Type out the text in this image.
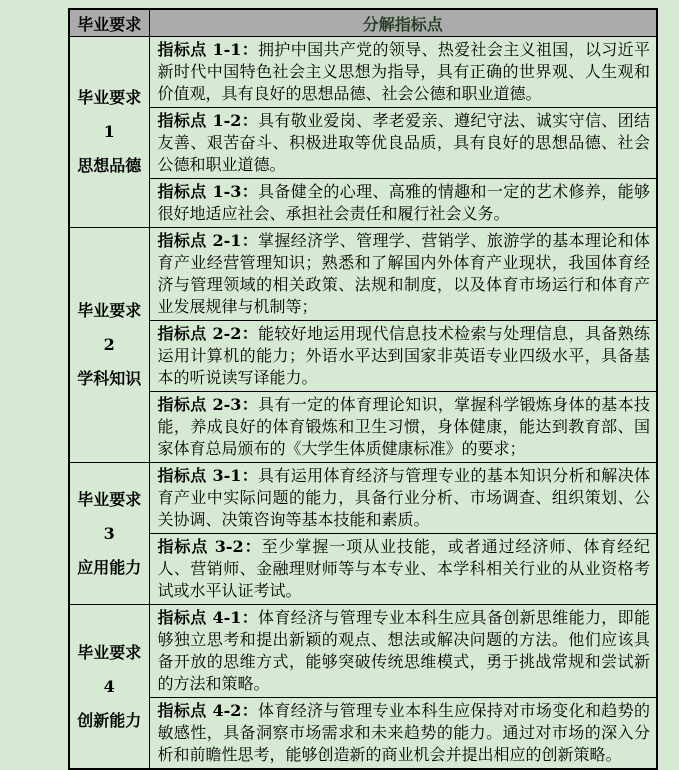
毕业要求	分解指标点

毕业要求 1
思想品德	指标点 1-1：拥护中国共产党的领导、热爱社会主义祖国，以习近平新时代中国特色社会主义思想为指导，具有正确的世界观、人生观和价值观，具有良好的思想品德、社会公德和职业道德。
	指标点 1-2：具有敬业爱岗、孝老爱亲、遵纪守法、诚实守信、团结友善、艰苦奋斗、积极进取等优良品质，具有良好的思想品德、社会公德和职业道德。
	指标点 1-3：具备健全的心理、高雅的情趣和一定的艺术修养，能够很好地适应社会、承担社会责任和履行社会义务。

毕业要求 2
学科知识	指标点 2-1：掌握经济学、管理学、营销学、旅游学的基本理论和体育产业经营管理知识；熟悉和了解国内外体育产业现状，我国体育经济与管理领域的相关政策、法规和制度，以及体育市场运行和体育产业发展规律与机制等；
	指标点 2-2：能较好地运用现代信息技术检索与处理信息，具备熟练运用计算机的能力；外语水平达到国家非英语专业四级水平，具备基本的听说读写译能力。
	指标点 2-3：具有一定的体育理论知识，掌握科学锻炼身体的基本技能，养成良好的体育锻炼和卫生习惯，身体健康，能达到教育部、国家体育总局颁布的《大学生体质健康标准》的要求；

毕业要求 3
应用能力	指标点 3-1：具有运用体育经济与管理专业的基本知识分析和解决体育产业中实际问题的能力，具备行业分析、市场调查、组织策划、公关协调、决策咨询等基本技能和素质。
	指标点 3-2：至少掌握一项从业技能，或者通过经济师、体育经纪人、营销师、金融理财师等与本专业、本学科相关行业的从业资格考试或水平认证考试。

毕业要求 4
创新能力	指标点 4-1：体育经济与管理专业本科生应具备创新思维能力，即能够独立思考和提出新颖的观点、想法或解决问题的方法。他们应该具备开放的思维方式，能够突破传统思维模式，勇于挑战常规和尝试新的方法和策略。
	指标点 4-2：体育经济与管理专业本科生应保持对市场变化和趋势的敏感性，具备洞察市场需求和未来趋势的能力。通过对市场的深入分析和前瞻性思考，能够创造新的商业机会并提出相应的创新策略。
